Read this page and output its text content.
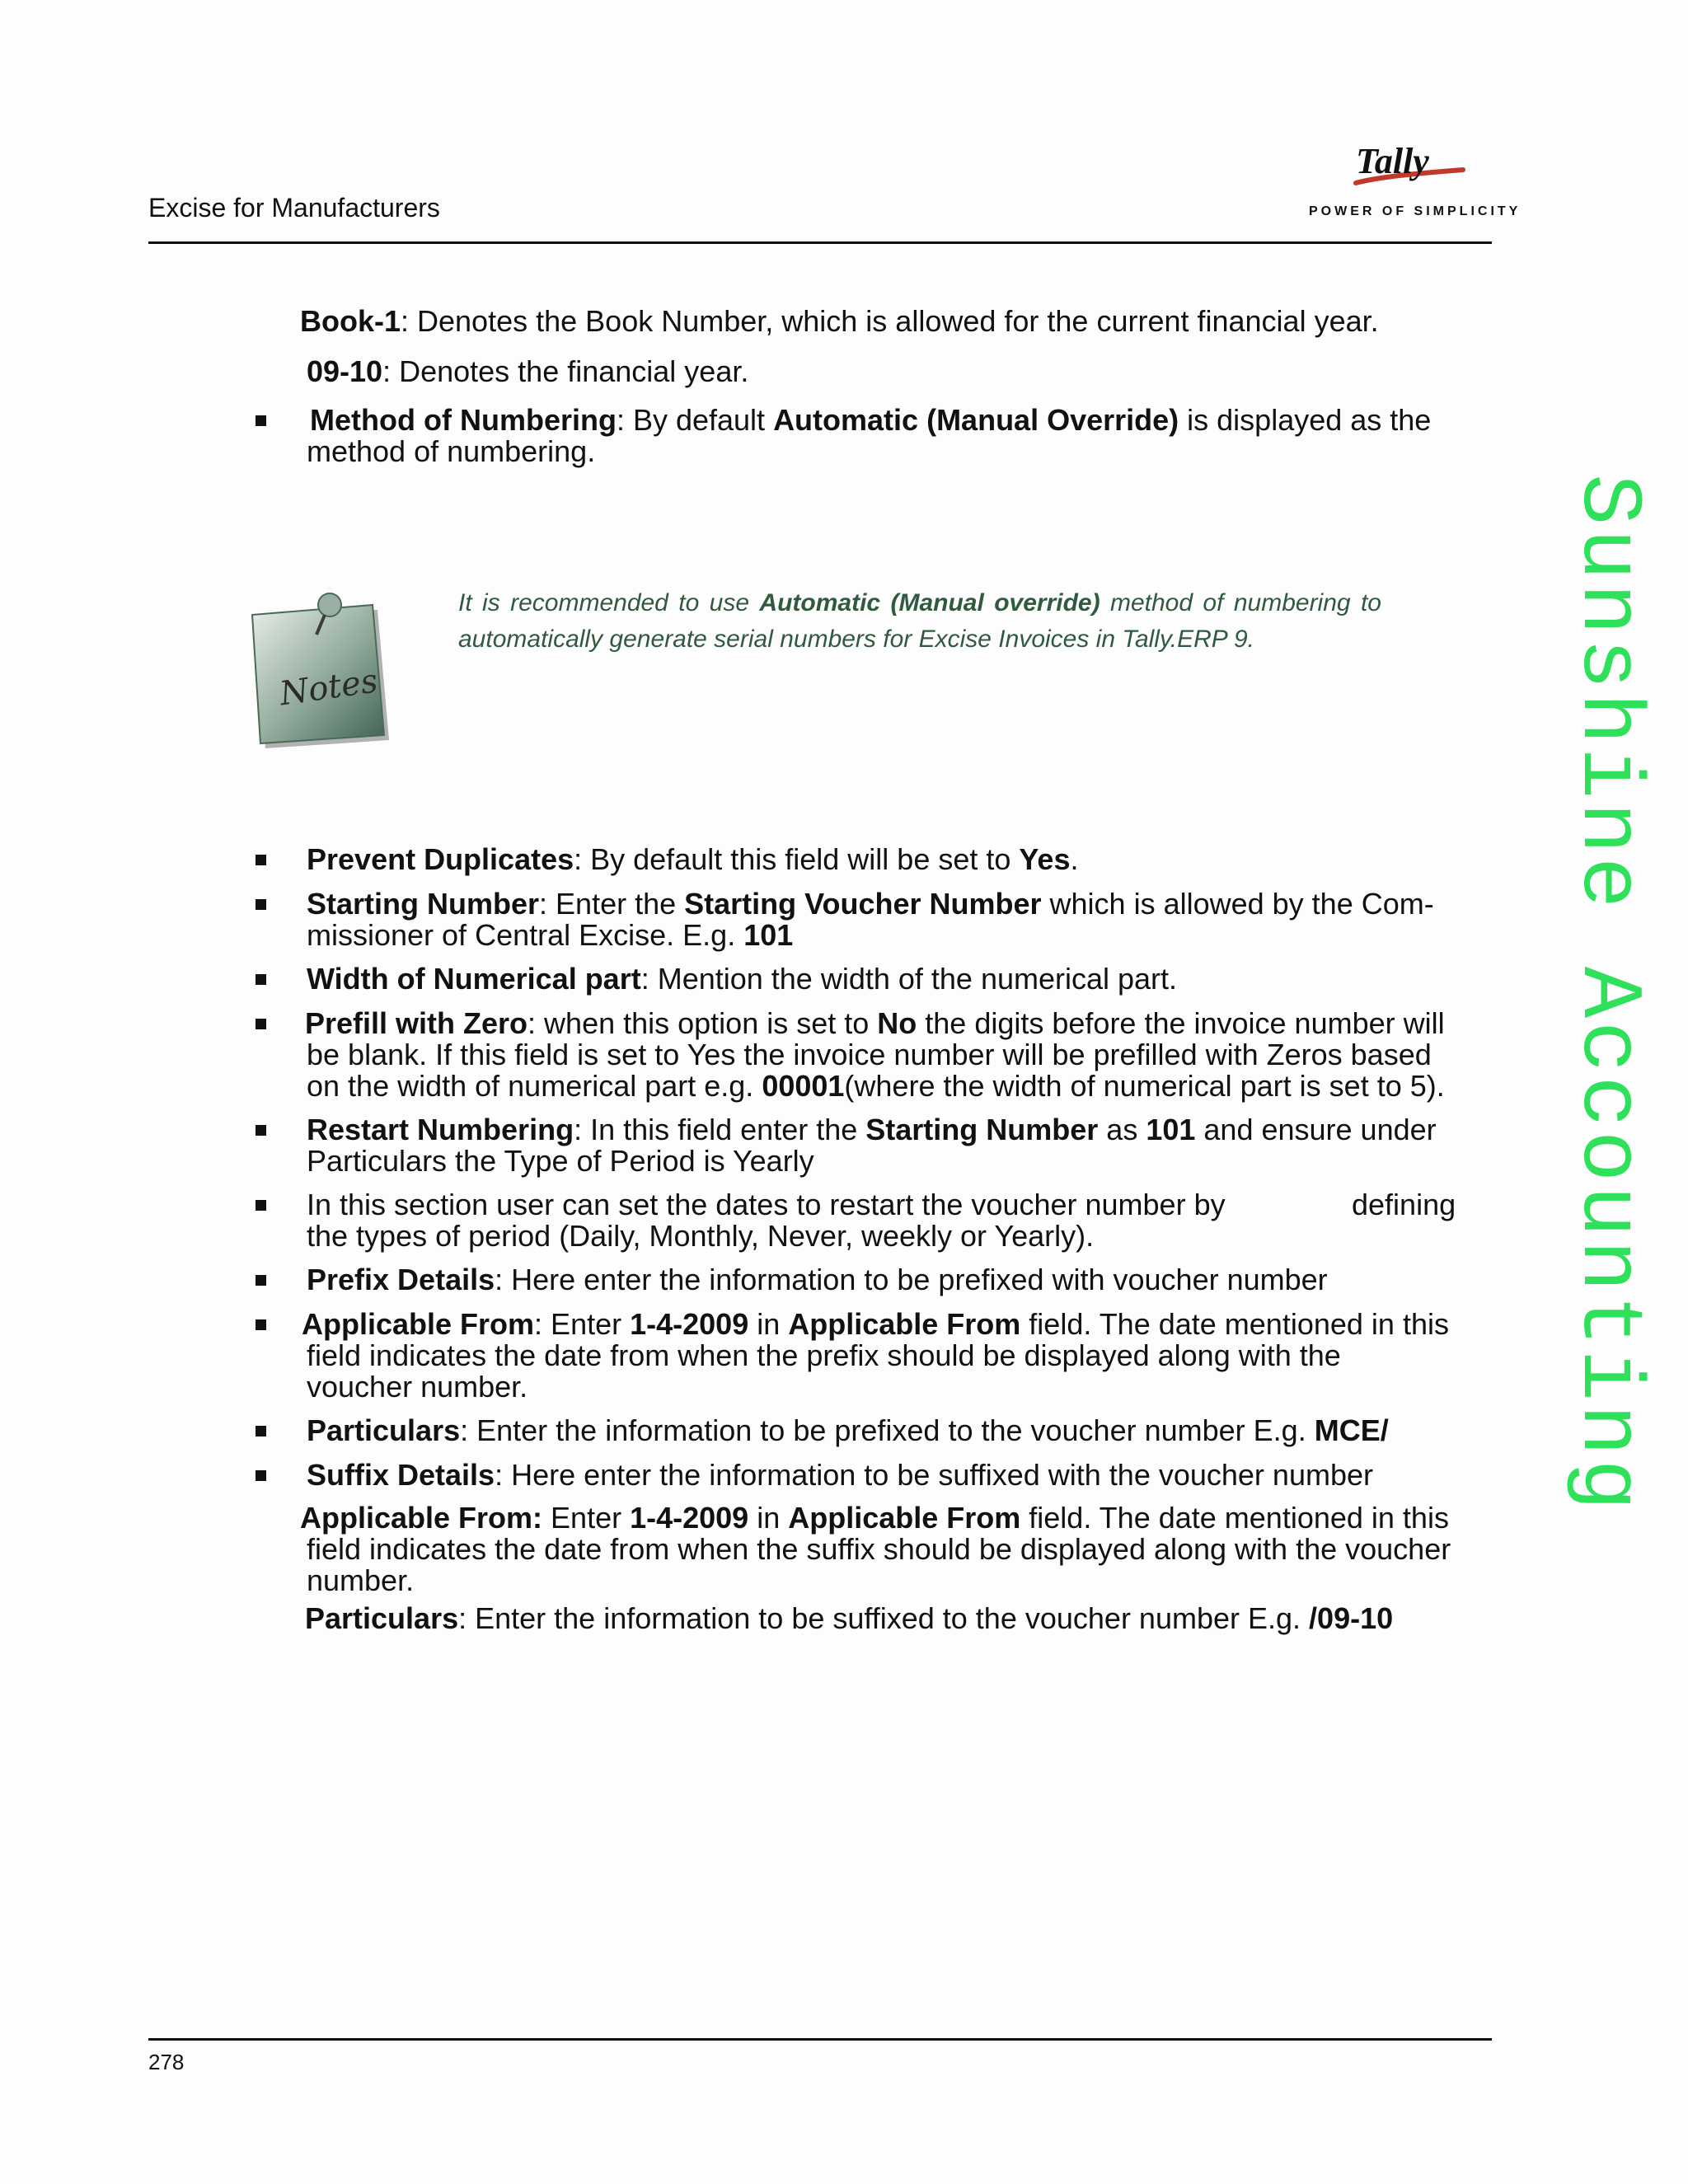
Excise for Manufacturers
Tally
POWER OF SIMPLICITY
Sunshine Accounting
Book-1: Denotes the Book Number, which is allowed for the current financial year.
09-10: Denotes the financial year.
Method of Numbering: By default Automatic (Manual Override) is displayed as the
method of numbering.
Notes
It is recommended to use Automatic (Manual override) method of numbering to automatically generate serial numbers for Excise Invoices in Tally.ERP 9.
Prevent Duplicates: By default this field will be set to Yes.
Starting Number: Enter the Starting Voucher Number which is allowed by the Com-
missioner of Central Excise. E.g. 101
Width of Numerical part: Mention the width of the numerical part.
Prefill with Zero: when this option is set to No the digits before the invoice number will
be blank. If this field is set to Yes the invoice number will be prefilled with Zeros based
on the width of numerical part e.g. 00001(where the width of numerical part is set to 5).
Restart Numbering: In this field enter the Starting Number as 101 and ensure under
Particulars the Type of Period is Yearly
In this section user can set the dates to restart the voucher number by	defining
the types of period (Daily, Monthly, Never, weekly or Yearly).
Prefix Details: Here enter the information to be prefixed with voucher number
Applicable From: Enter 1-4-2009 in Applicable From field. The date mentioned in this
field indicates the date from when the prefix should be displayed along with the
voucher number.
Particulars: Enter the information to be prefixed to the voucher number E.g. MCE/
Suffix Details: Here enter the information to be suffixed with the voucher number
Applicable From: Enter 1-4-2009 in Applicable From field. The date mentioned in this
field indicates the date from when the suffix should be displayed along with the voucher
number.
Particulars: Enter the information to be suffixed to the voucher number E.g. /09-10
278
